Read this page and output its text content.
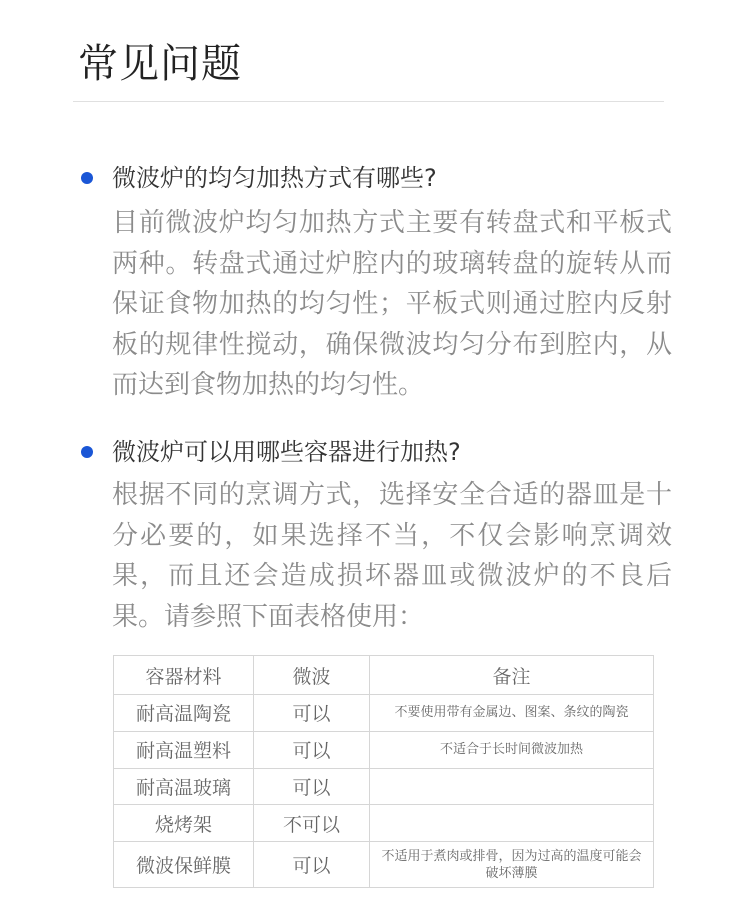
常见问题
微波炉的均匀加热方式有哪些?

目前微波炉均匀加热方式主要有转盘式和平板式两种。转盘式通过炉腔内的玻璃转盘的旋转从而保证食物加热的均匀性；平板式则通过腔内反射板的规律性搅动，确保微波均匀分布到腔内，从而达到食物加热的均匀性。

微波炉可以用哪些容器进行加热?

根据不同的烹调方式，选择安全合适的器皿是十分必要的，如果选择不当，不仅会影响烹调效果，而且还会造成损坏器皿或微波炉的不良后果。请参照下面表格使用：

容器材料	微波	备注
耐高温陶瓷	可以	不要使用带有金属边、图案、条纹的陶瓷
耐高温塑料	可以	不适合于长时间微波加热
耐高温玻璃	可以	
烧烤架	不可以	
微波保鲜膜	可以	不适用于煮肉或排骨，因为过高的温度可能会破坏薄膜
